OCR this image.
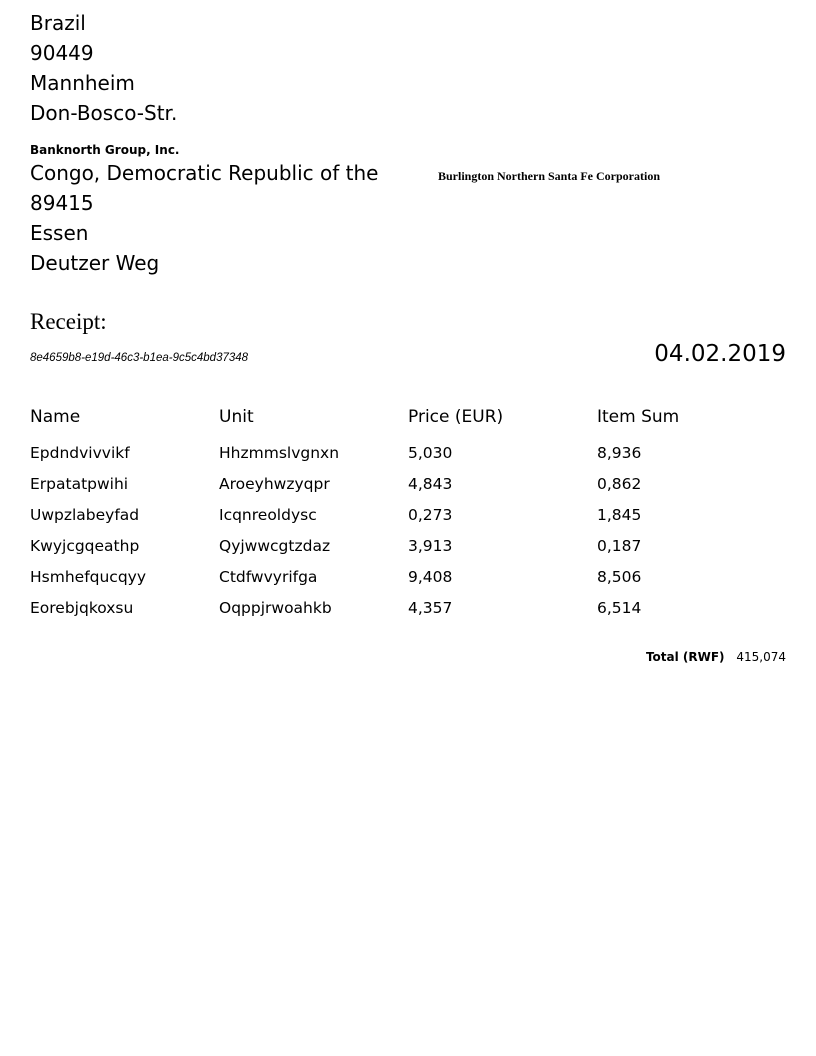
Brazil
90449
Mannheim
Don-Bosco-Str.
Banknorth Group, Inc.
Congo, Democratic Republic of the
89415
Essen
Deutzer Weg
Burlington Northern Santa Fe Corporation
Receipt:
8e4659b8-e19d-46c3-b1ea-9c5c4bd37348	04.02.2019
Name	Unit	Price (EUR)	Item Sum
Epdndvivvikf	Hhzmmslvgnxn	5,030	8,936
Erpatatpwihi	Aroeyhwzyqpr	4,843	0,862
Uwpzlabeyfad	Icqnreoldysc	0,273	1,845
Kwyjcgqeathp	Qyjwwcgtzdaz	3,913	0,187
Hsmhefqucqyy	Ctdfwvyrifga	9,408	8,506
Eorebjqkoxsu	Oqppjrwoahkb	4,357	6,514
Total (RWF) 415,074
